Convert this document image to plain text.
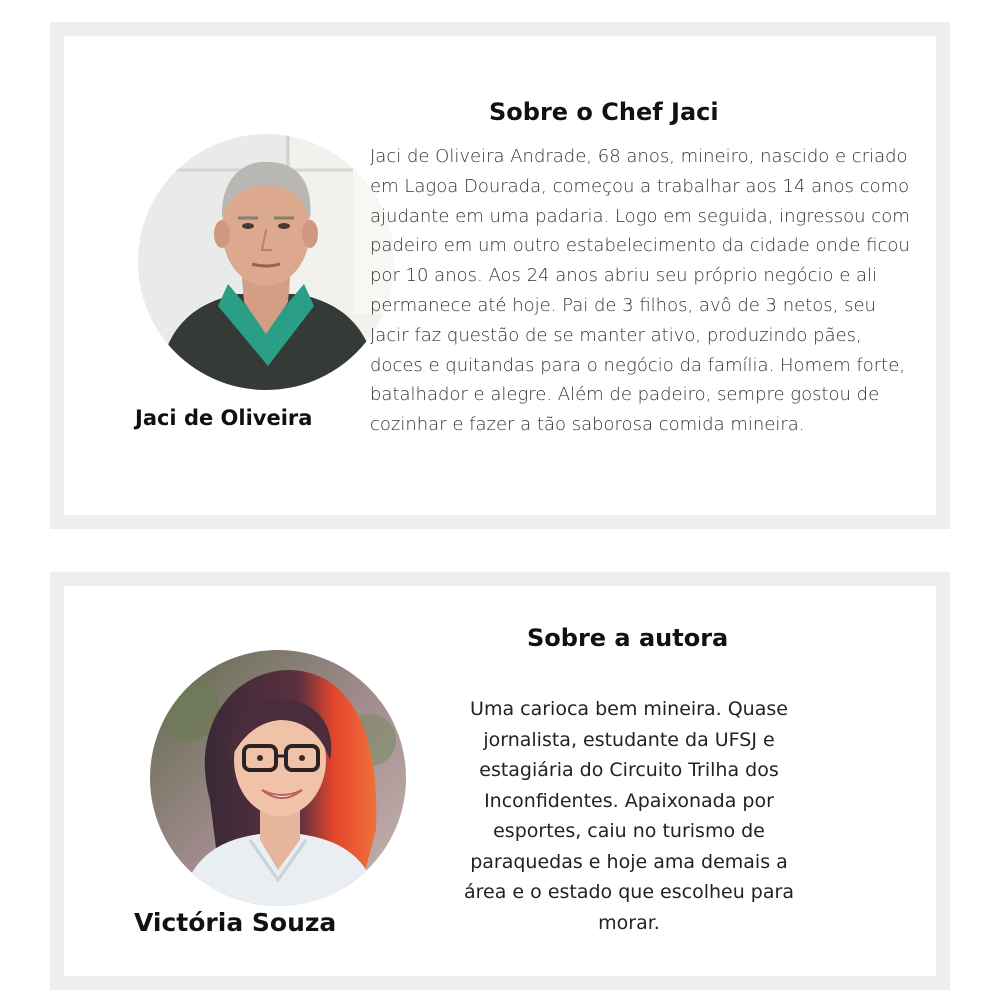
Jaci de Oliveira

Sobre o Chef Jaci

Jaci de Oliveira Andrade, 68 anos, mineiro, nascido e criado em Lagoa Dourada, começou a trabalhar aos 14 anos como ajudante em uma padaria. Logo em seguida, ingressou com padeiro em um outro estabelecimento da cidade onde ficou por 10 anos. Aos 24 anos abriu seu próprio negócio e ali permanece até hoje. Pai de 3 filhos, avô de 3 netos, seu Jacir faz questão de se manter ativo, produzindo pães, doces e quitandas para o negócio da família. Homem forte, batalhador e alegre. Além de padeiro, sempre gostou de cozinhar e fazer a tão saborosa comida mineira.

Victória Souza

Sobre a autora

Uma carioca bem mineira. Quase jornalista, estudante da UFSJ e estagiária do Circuito Trilha dos Inconfidentes. Apaixonada por esportes, caiu no turismo de paraquedas e hoje ama demais a área e o estado que escolheu para morar.
